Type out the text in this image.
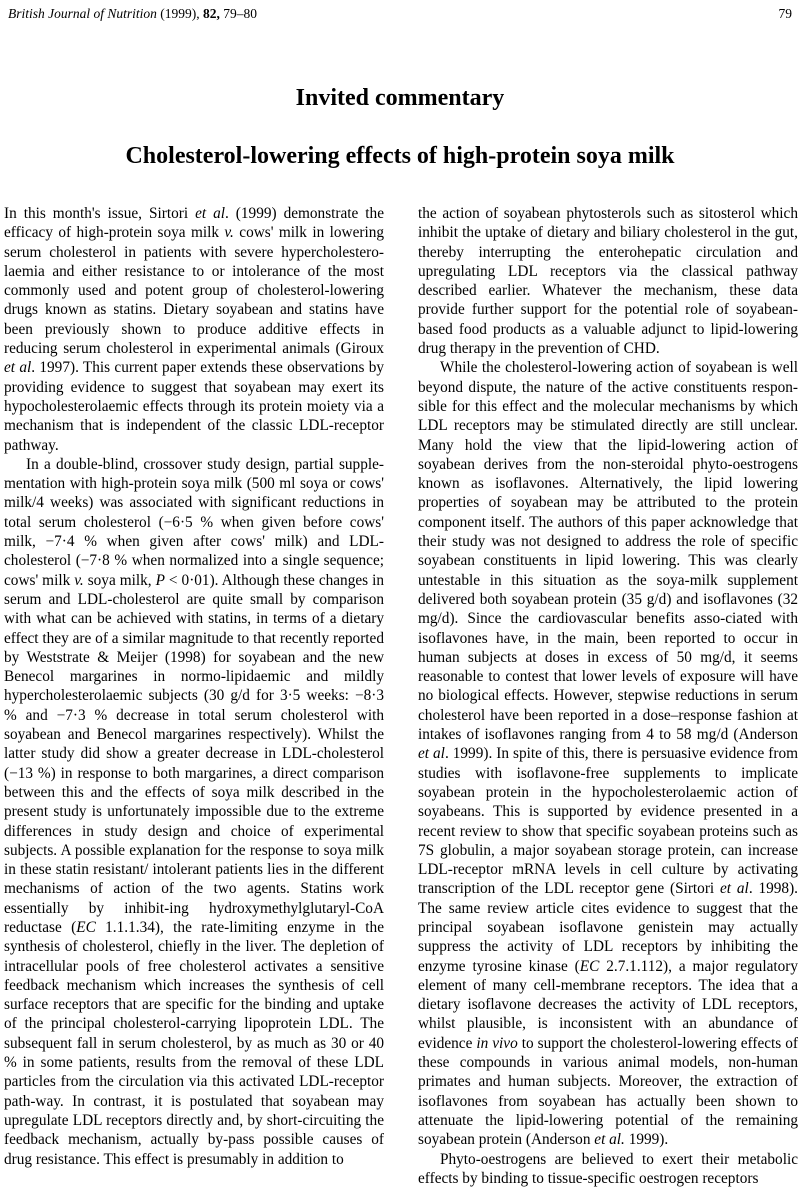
British Journal of Nutrition (1999), 82, 79–80	79
Invited commentary
Cholesterol-lowering effects of high-protein soya milk

In this month's issue, Sirtori et al. (1999) demonstrate the efficacy of high-protein soya milk v. cows' milk in lowering serum cholesterol in patients with severe hypercholestero-laemia and either resistance to or intolerance of the most commonly used and potent group of cholesterol-lowering drugs known as statins. Dietary soyabean and statins have been previously shown to produce additive effects in reducing serum cholesterol in experimental animals (Giroux et al. 1997). This current paper extends these observations by providing evidence to suggest that soyabean may exert its hypocholesterolaemic effects through its protein moiety via a mechanism that is independent of the classic LDL-receptor pathway.

In a double-blind, crossover study design, partial supple-mentation with high-protein soya milk (500 ml soya or cows' milk/4 weeks) was associated with significant reductions in total serum cholesterol (−6·5 % when given before cows' milk, −7·4 % when given after cows' milk) and LDL-cholesterol (−7·8 % when normalized into a single sequence; cows' milk v. soya milk, P < 0·01). Although these changes in serum and LDL-cholesterol are quite small by comparison with what can be achieved with statins, in terms of a dietary effect they are of a similar magnitude to that recently reported by Weststrate & Meijer (1998) for soyabean and the new Benecol margarines in normo-lipidaemic and mildly hypercholesterolaemic subjects (30 g/d for 3·5 weeks: −8·3 % and −7·3 % decrease in total serum cholesterol with soyabean and Benecol margarines respectively). Whilst the latter study did show a greater decrease in LDL-cholesterol (−13 %) in response to both margarines, a direct comparison between this and the effects of soya milk described in the present study is unfortunately impossible due to the extreme differences in study design and choice of experimental subjects. A possible explanation for the response to soya milk in these statin resistant/ intolerant patients lies in the different mechanisms of action of the two agents. Statins work essentially by inhibit-ing hydroxymethylglutaryl-CoA reductase (EC 1.1.1.34), the rate-limiting enzyme in the synthesis of cholesterol, chiefly in the liver. The depletion of intracellular pools of free cholesterol activates a sensitive feedback mechanism which increases the synthesis of cell surface receptors that are specific for the binding and uptake of the principal cholesterol-carrying lipoprotein LDL. The subsequent fall in serum cholesterol, by as much as 30 or 40 % in some patients, results from the removal of these LDL particles from the circulation via this activated LDL-receptor path-way. In contrast, it is postulated that soyabean may upregulate LDL receptors directly and, by short-circuiting the feedback mechanism, actually by-pass possible causes of drug resistance. This effect is presumably in addition to

the action of soyabean phytosterols such as sitosterol which inhibit the uptake of dietary and biliary cholesterol in the gut, thereby interrupting the enterohepatic circulation and upregulating LDL receptors via the classical pathway described earlier. Whatever the mechanism, these data provide further support for the potential role of soyabean-based food products as a valuable adjunct to lipid-lowering drug therapy in the prevention of CHD.

While the cholesterol-lowering action of soyabean is well beyond dispute, the nature of the active constituents respon-sible for this effect and the molecular mechanisms by which LDL receptors may be stimulated directly are still unclear. Many hold the view that the lipid-lowering action of soyabean derives from the non-steroidal phyto-oestrogens known as isoflavones. Alternatively, the lipid lowering properties of soyabean may be attributed to the protein component itself. The authors of this paper acknowledge that their study was not designed to address the role of specific soyabean constituents in lipid lowering. This was clearly untestable in this situation as the soya-milk supplement delivered both soyabean protein (35 g/d) and isoflavones (32 mg/d). Since the cardiovascular benefits asso-ciated with isoflavones have, in the main, been reported to occur in human subjects at doses in excess of 50 mg/d, it seems reasonable to contest that lower levels of exposure will have no biological effects. However, stepwise reductions in serum cholesterol have been reported in a dose–response fashion at intakes of isoflavones ranging from 4 to 58 mg/d (Anderson et al. 1999). In spite of this, there is persuasive evidence from studies with isoflavone-free supplements to implicate soyabean protein in the hypocholesterolaemic action of soyabeans. This is supported by evidence presented in a recent review to show that specific soyabean proteins such as 7S globulin, a major soyabean storage protein, can increase LDL-receptor mRNA levels in cell culture by activating transcription of the LDL receptor gene (Sirtori et al. 1998). The same review article cites evidence to suggest that the principal soyabean isoflavone genistein may actually suppress the activity of LDL receptors by inhibiting the enzyme tyrosine kinase (EC 2.7.1.112), a major regulatory element of many cell-membrane receptors. The idea that a dietary isoflavone decreases the activity of LDL receptors, whilst plausible, is inconsistent with an abundance of evidence in vivo to support the cholesterol-lowering effects of these compounds in various animal models, non-human primates and human subjects. Moreover, the extraction of isoflavones from soyabean has actually been shown to attenuate the lipid-lowering potential of the remaining soyabean protein (Anderson et al. 1999).

Phyto-oestrogens are believed to exert their metabolic effects by binding to tissue-specific oestrogen receptors
